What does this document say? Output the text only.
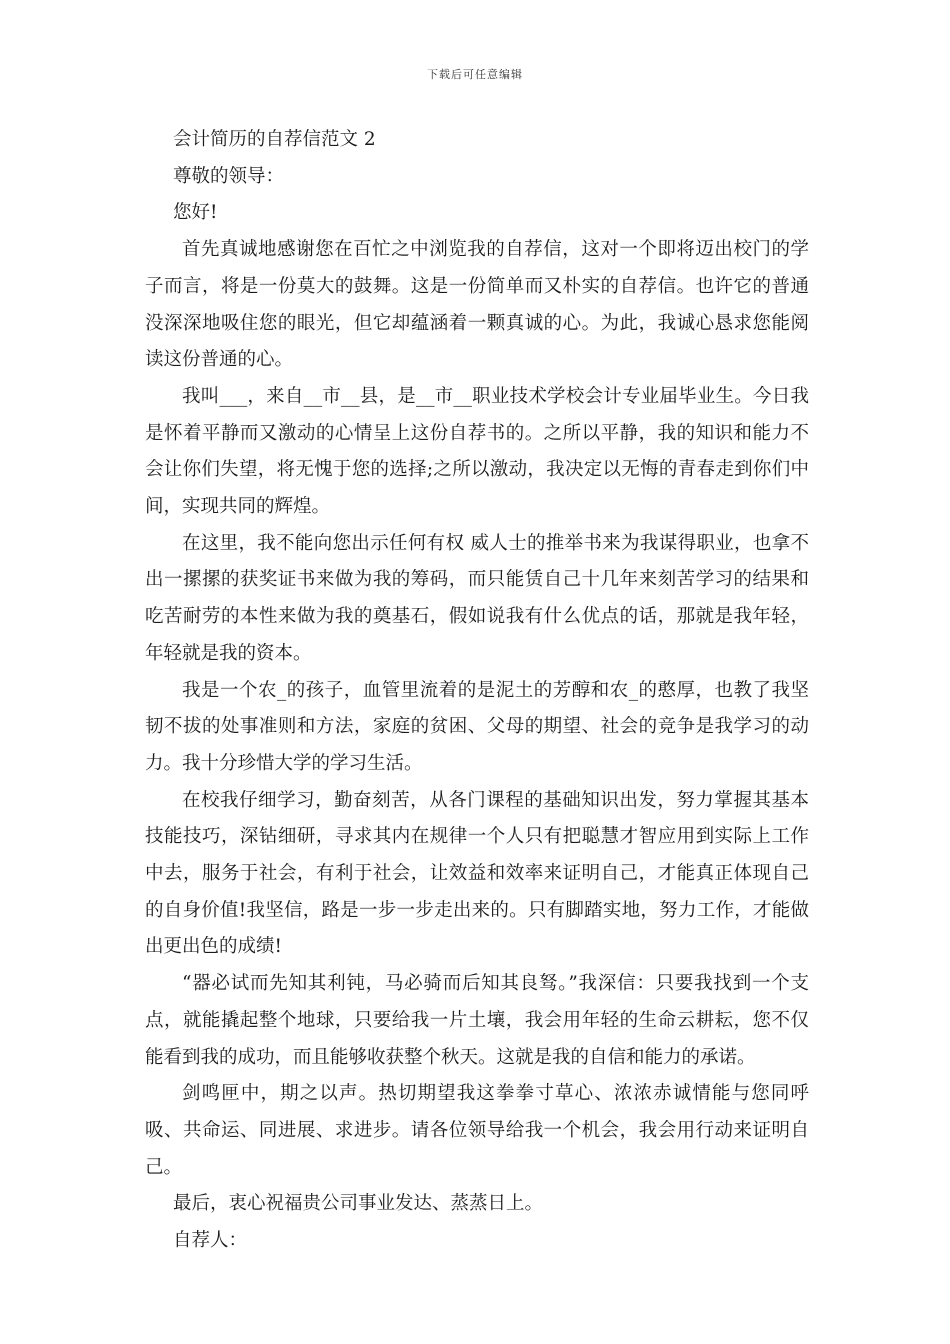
下载后可任意编辑

会计简历的自荐信范文 2

尊敬的领导：

您好!

首先真诚地感谢您在百忙之中浏览我的自荐信，这对一个即将迈出校门的学子而言，将是一份莫大的鼓舞。这是一份简单而又朴实的自荐信。也许它的普通没深深地吸住您的眼光，但它却蕴涵着一颗真诚的心。为此，我诚心恳求您能阅读这份普通的心。

我叫___，来自__市__县，是__市__职业技术学校会计专业届毕业生。今日我是怀着平静而又激动的心情呈上这份自荐书的。之所以平静，我的知识和能力不会让你们失望，将无愧于您的选择;之所以激动，我决定以无悔的青春走到你们中间，实现共同的辉煌。

在这里，我不能向您出示任何有权 威人士的推举书来为我谋得职业，也拿不出一摞摞的获奖证书来做为我的筹码，而只能赁自己十几年来刻苦学习的结果和吃苦耐劳的本性来做为我的奠基石，假如说我有什么优点的话，那就是我年轻，年轻就是我的资本。

我是一个农_的孩子，血管里流着的是泥土的芳醇和农_的憨厚，也教了我坚韧不拔的处事准则和方法，家庭的贫困、父母的期望、社会的竞争是我学习的动力。我十分珍惜大学的学习生活。

在校我仔细学习，勤奋刻苦，从各门课程的基础知识出发，努力掌握其基本技能技巧，深钻细研，寻求其内在规律一个人只有把聪慧才智应用到实际上工作中去，服务于社会，有利于社会，让效益和效率来证明自己，才能真正体现自己的自身价值!我坚信，路是一步一步走出来的。只有脚踏实地，努力工作，才能做出更出色的成绩!

“器必试而先知其利钝，马必骑而后知其良驽。”我深信：只要我找到一个支点，就能撬起整个地球，只要给我一片土壤，我会用年轻的生命云耕耘，您不仅能看到我的成功，而且能够收获整个秋天。这就是我的自信和能力的承诺。

剑鸣匣中，期之以声。热切期望我这拳拳寸草心、浓浓赤诚情能与您同呼吸、共命运、同进展、求进步。请各位领导给我一个机会，我会用行动来证明自己。

最后，衷心祝福贵公司事业发达、蒸蒸日上。

自荐人：
